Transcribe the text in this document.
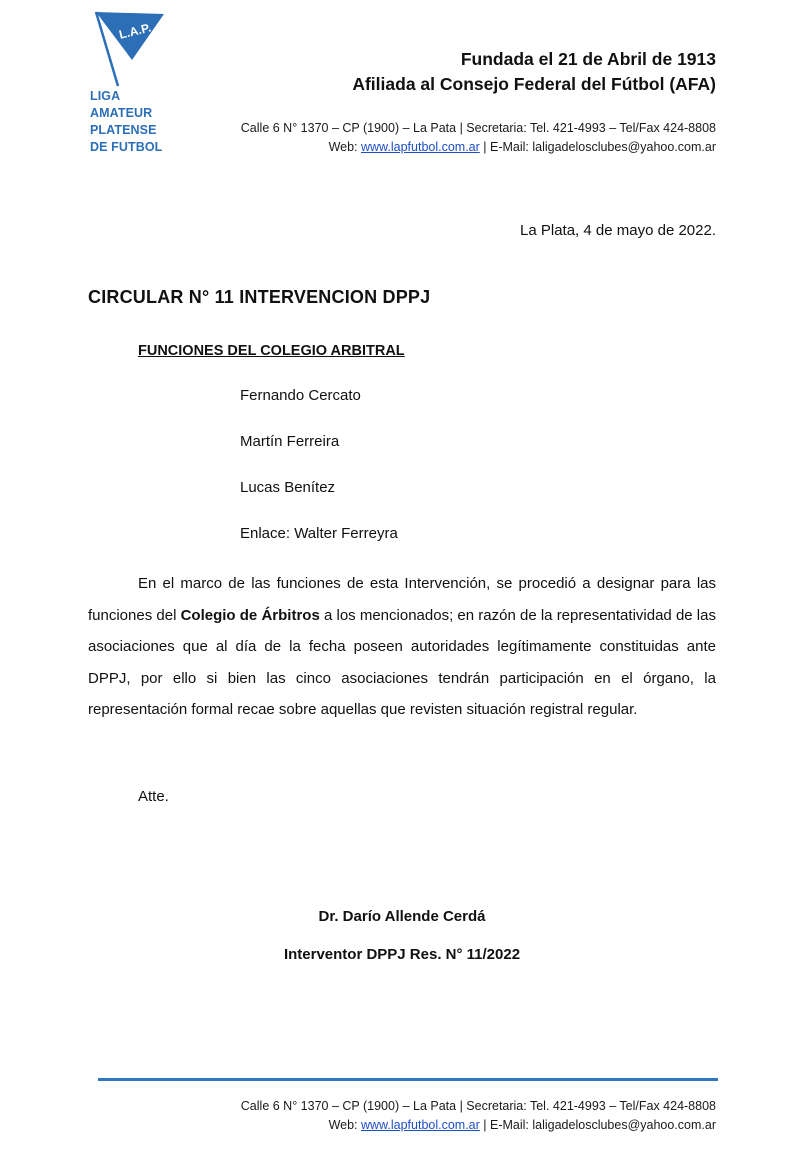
L.A.P.
LIGA
AMATEUR
PLATENSE
DE FUTBOL
Fundada el 21 de Abril de 1913
Afiliada al Consejo Federal del Fútbol (AFA)
Calle 6 N° 1370 – CP (1900) – La Pata | Secretaria: Tel. 421-4993 – Tel/Fax 424-8808
Web: www.lapfutbol.com.ar | E-Mail: laligadelosclubes@yahoo.com.ar
La Plata, 4 de mayo de 2022.
CIRCULAR N° 11 INTERVENCION DPPJ
FUNCIONES DEL COLEGIO ARBITRAL
Fernando Cercato
Martín Ferreira
Lucas Benítez
Enlace: Walter Ferreyra
En el marco de las funciones de esta Intervención, se procedió a designar para las funciones del Colegio de Árbitros a los mencionados; en razón de la representatividad de las asociaciones que al día de la fecha poseen autoridades legítimamente constituidas ante DPPJ, por ello si bien las cinco asociaciones tendrán participación en el órgano, la representación formal recae sobre aquellas que revisten situación registral regular.
Atte.
Dr. Darío Allende Cerdá
Interventor DPPJ Res. N° 11/2022
Calle 6 N° 1370 – CP (1900) – La Pata | Secretaria: Tel. 421-4993 – Tel/Fax 424-8808
Web: www.lapfutbol.com.ar | E-Mail: laligadelosclubes@yahoo.com.ar
